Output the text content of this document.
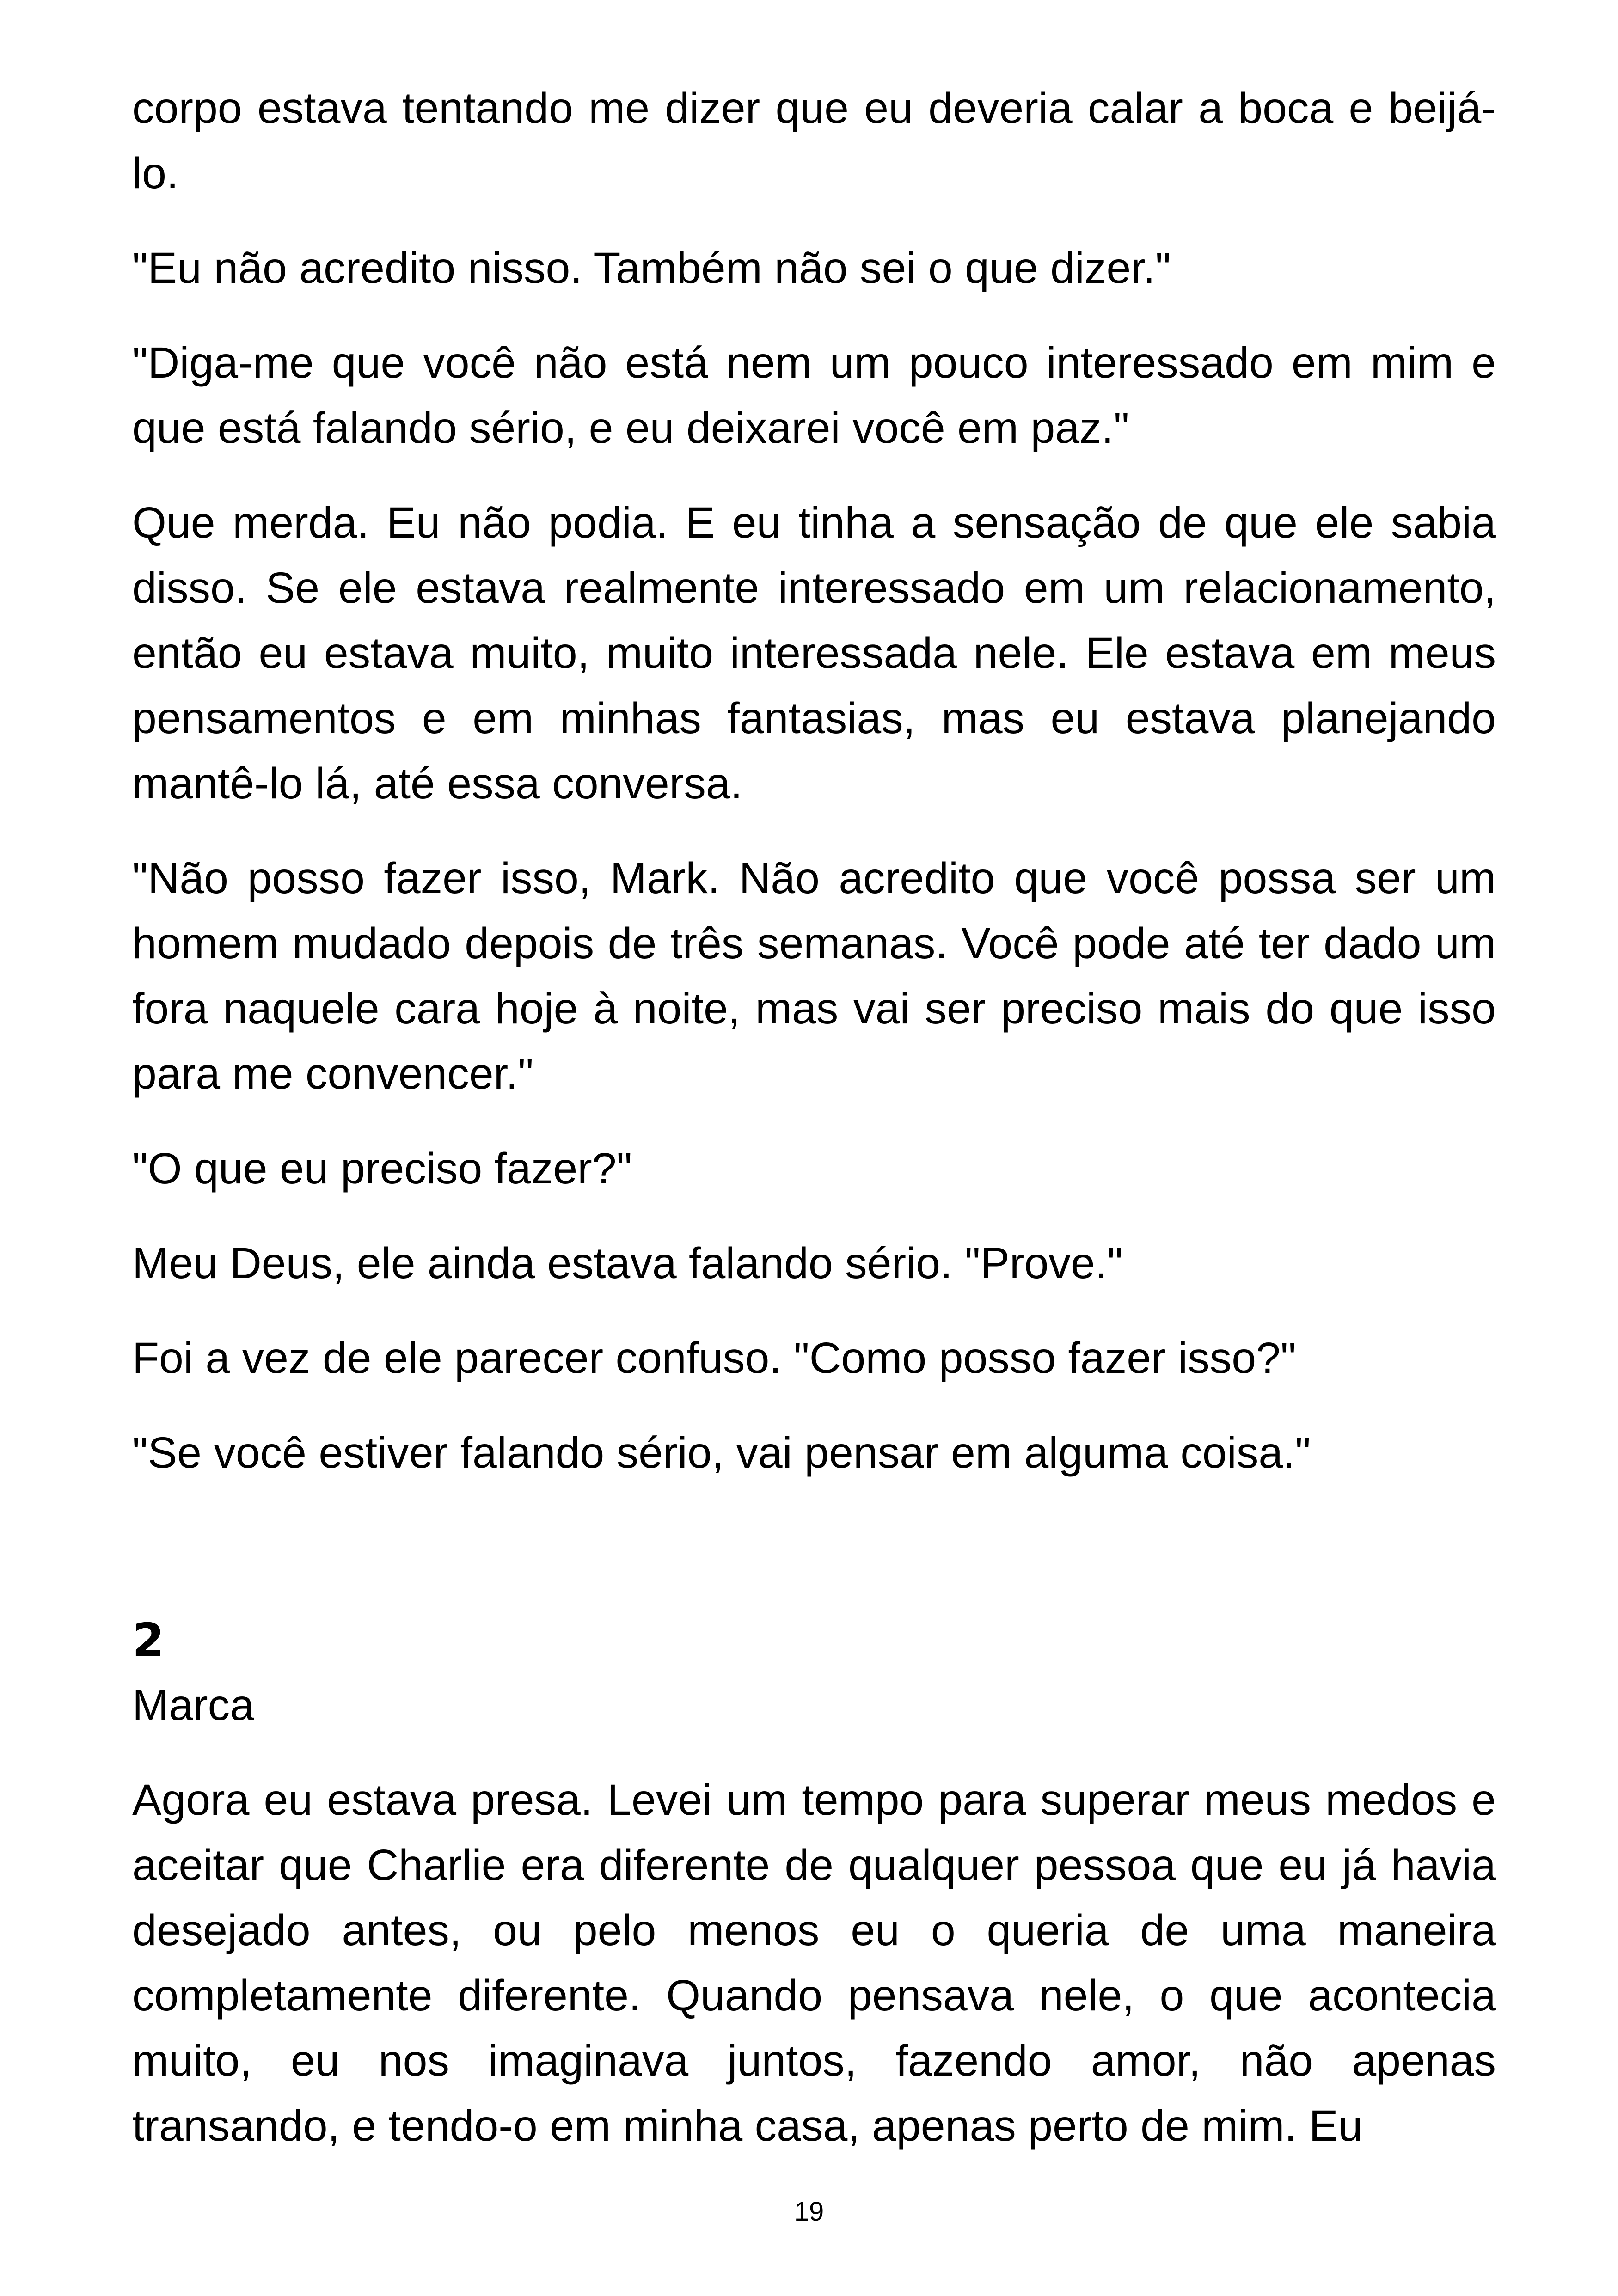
corpo estava tentando me dizer que eu deveria calar a boca e beijá-lo.

"Eu não acredito nisso. Também não sei o que dizer."

"Diga-me que você não está nem um pouco interessado em mim e que está falando sério, e eu deixarei você em paz."

Que merda. Eu não podia. E eu tinha a sensação de que ele sabia disso. Se ele estava realmente interessado em um relacionamento, então eu estava muito, muito interessada nele. Ele estava em meus pensamentos e em minhas fantasias, mas eu estava planejando mantê-lo lá, até essa conversa.

"Não posso fazer isso, Mark. Não acredito que você possa ser um homem mudado depois de três semanas. Você pode até ter dado um fora naquele cara hoje à noite, mas vai ser preciso mais do que isso para me convencer."

"O que eu preciso fazer?"

Meu Deus, ele ainda estava falando sério. "Prove."

Foi a vez de ele parecer confuso. "Como posso fazer isso?"

"Se você estiver falando sério, vai pensar em alguma coisa."

2
Marca

Agora eu estava presa. Levei um tempo para superar meus medos e aceitar que Charlie era diferente de qualquer pessoa que eu já havia desejado antes, ou pelo menos eu o queria de uma maneira completamente diferente. Quando pensava nele, o que acontecia muito, eu nos imaginava juntos, fazendo amor, não apenas transando, e tendo-o em minha casa, apenas perto de mim. Eu

19
